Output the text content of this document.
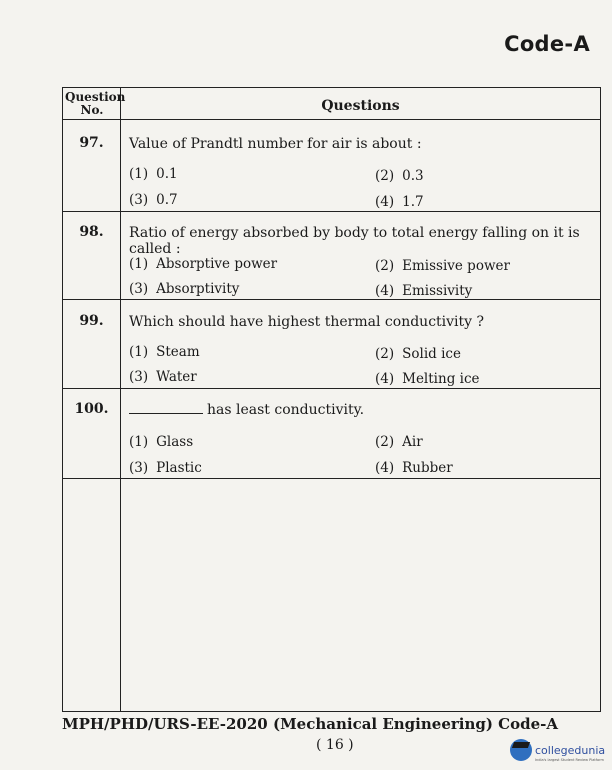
Code-A
Question No.	Questions
97.	Value of Prandtl number for air is about :
(1) 0.1	(2) 0.3
(3) 0.7	(4) 1.7
98.	Ratio of energy absorbed by body to total energy falling on it is called :
(1) Absorptive power	(2) Emissive power
(3) Absorptivity	(4) Emissivity
99.	Which should have highest thermal conductivity ?
(1) Steam	(2) Solid ice
(3) Water	(4) Melting ice
100.	has least conductivity.
(1) Glass	(2) Air
(3) Plastic	(4) Rubber
MPH/PHD/URS-EE-2020 (Mechanical Engineering) Code-A
( 16 )	collegedunia
India's largest Student Review Platform
